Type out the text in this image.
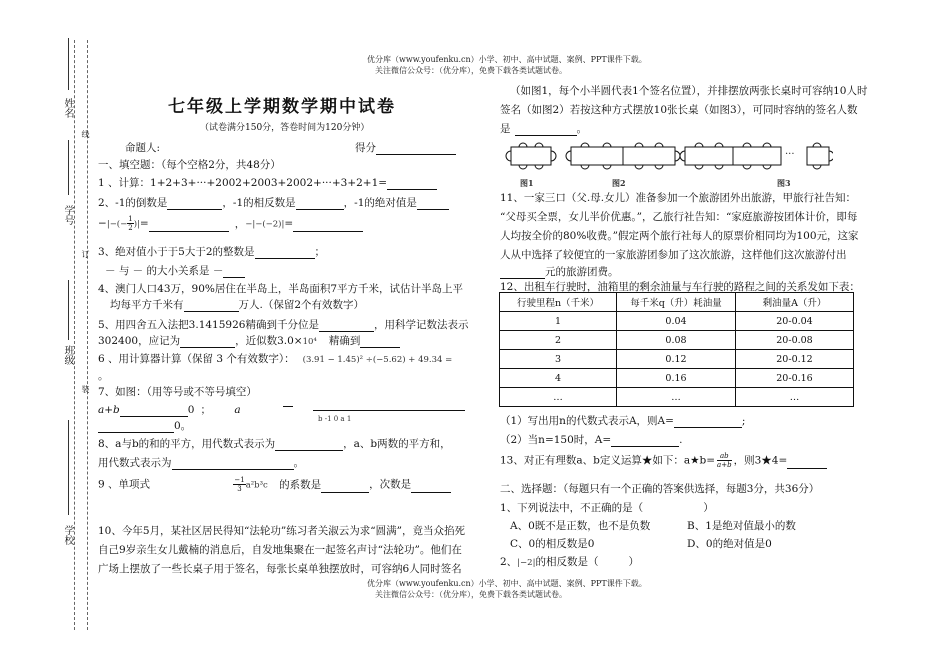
姓名
线
学号
订
班级
装
学校
优分库（www.youfenku.cn）小学、初中、高中试题、案例、PPT课件下载。
关注微信公众号：（优分库），免费下载各类试题试卷。
优分库（www.youfenku.cn）小学、初中、高中试题、案例、PPT课件下载。
关注微信公众号：（优分库），免费下载各类试题试卷。
七年级上学期数学期中试卷
（试卷满分150分，答卷时间为120分钟）
命题人:	得分
一、填空题：（每个空格2分，共48分）
1 、计算：1+2+3+···+2002+2003+2002+···+3+2+1=
2、-1的倒数是	，-1的相反数是	，-1的绝对值是
−|−(− $\frac{1}{2}$ )|=	，−|−(−2)|=
3、绝对值小于于5大于2的整数是	；
－ 与 － 的大小关系是 －
4、澳门人口43万，90%居住在半岛上，半岛面积7平方千米，试估计半岛上平
均每平方千米有	万人.（保留2个有效数字）
5、用四舍五入法把3.1415926精确到千分位是	，用科学记数法表示
302400，应记为	，近似数3.0×10⁴ 精确到
6 、用计算器计算（保留 3 个有效数字）： (3.91 − 1.45)² ÷(−5.62) + 49.34 =
。
7、如图：（用等号或不等号填空）
a+b	0 ； a
b -1 0 a 1
0。
8、a与b的和的平方，用代数式表示为	，a、b两数的平方和，
用代数式表示为	。
9 、单项式	$\frac{-1}{3} a^2b^3c$ 的系数是	，次数是
10、今年5月，某社区居民得知“法轮功”练习者关淑云为求“圆满”，竟当众掐死
自己9岁亲生女儿戴楠的消息后，自发地集聚在一起签名声讨“法轮功”。他们在
广场上摆放了一些长桌子用于签名，每张长桌单独摆放时，可容纳6人同时签名
（如图1，每个小半圆代表1个签名位置），并排摆放两张长桌时可容纳10人时
签名（如图2）若按这种方式摆放10张长桌（如图3），可同时容纳的签名人数
是	。
···
图1	图2	图3
11、一家三口（父.母.女儿）准备参加一个旅游团外出旅游，甲旅行社告知：
“父母买全票，女儿半价优惠。”，乙旅行社告知：“家庭旅游按团体计价，即每
人均按全价的80%收费。”假定两个旅行社每人的原票价相同均为100元，这家
人从中选择了较便宜的一家旅游团参加了这次旅游，这样他们这次旅游付出
元的旅游团费。
12、出租车行驶时，油箱里的剩余油量与车行驶的路程之间的关系发如下表：
行驶里程n（千米）	每千米q（升）耗油量	剩油量A（升）
1	0.04	20-0.04
2	0.08	20-0.08
3	0.12	20-0.12
4	0.16	20-0.16
…	…	…
（1）写出用n的代数式表示A，则A=	;
（2）当n=150时，A=	.
13、对正有理数a、b定义运算★如下：a★b= $\frac{ab}{a+b}$ ，则3★4=
二、选择题：（每题只有一个正确的答案供选择，每题3分，共36分）
1、下列说法中，不正确的是（	）
A、0既不是正数，也不是负数	B、1是绝对值最小的数
C、0的相反数是0	D、0的绝对值是0
2、|−2|的相反数是（	）
